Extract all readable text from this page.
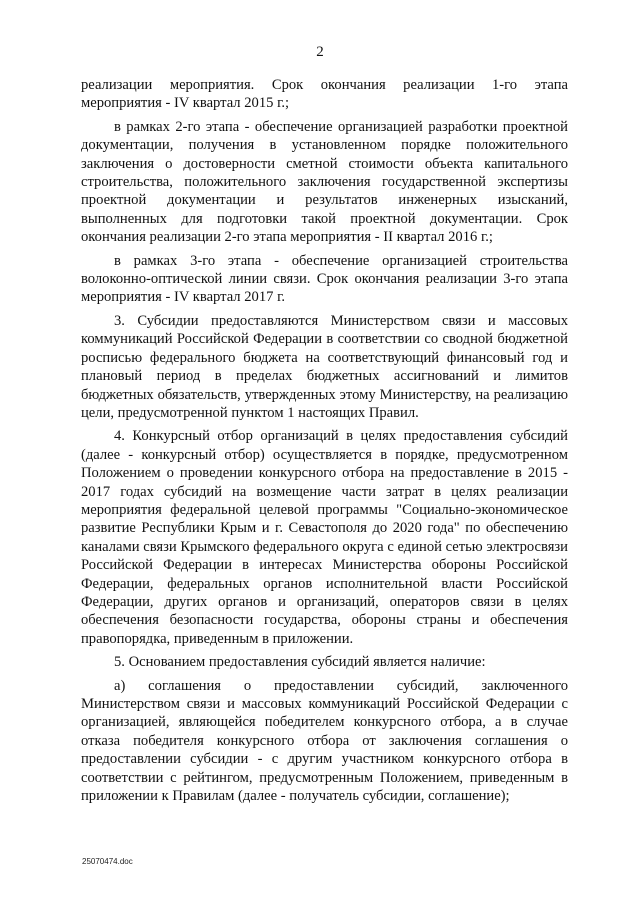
2

реализации мероприятия. Срок окончания реализации 1-го этапа мероприятия - IV квартал 2015 г.;

в рамках 2-го этапа - обеспечение организацией разработки проектной документации, получения в установленном порядке положительного заключения о достоверности сметной стоимости объекта капитального строительства, положительного заключения государственной экспертизы проектной документации и результатов инженерных изысканий, выполненных для подготовки такой проектной документации. Срок окончания реализации 2-го этапа мероприятия - II квартал 2016 г.;

в рамках 3-го этапа - обеспечение организацией строительства волоконно-оптической линии связи. Срок окончания реализации 3-го этапа мероприятия - IV квартал 2017 г.

3. Субсидии предоставляются Министерством связи и массовых коммуникаций Российской Федерации в соответствии со сводной бюджетной росписью федерального бюджета на соответствующий финансовый год и плановый период в пределах бюджетных ассигнований и лимитов бюджетных обязательств, утвержденных этому Министерству, на реализацию цели, предусмотренной пунктом 1 настоящих Правил.

4. Конкурсный отбор организаций в целях предоставления субсидий (далее - конкурсный отбор) осуществляется в порядке, предусмотренном Положением о проведении конкурсного отбора на предоставление в 2015 - 2017 годах субсидий на возмещение части затрат в целях реализации мероприятия федеральной целевой программы "Социально-экономическое развитие Республики Крым и г. Севастополя до 2020 года" по обеспечению каналами связи Крымского федерального округа с единой сетью электросвязи Российской Федерации в интересах Министерства обороны Российской Федерации, федеральных органов исполнительной власти Российской Федерации, других органов и организаций, операторов связи в целях обеспечения безопасности государства, обороны страны и обеспечения правопорядка, приведенным в приложении.

5. Основанием предоставления субсидий является наличие:

а) соглашения о предоставлении субсидий, заключенного Министерством связи и массовых коммуникаций Российской Федерации с организацией, являющейся победителем конкурсного отбора, а в случае отказа победителя конкурсного отбора от заключения соглашения о предоставлении субсидии - с другим участником конкурсного отбора в соответствии с рейтингом, предусмотренным Положением, приведенным в приложении к Правилам (далее - получатель субсидии, соглашение);

25070474.doc
